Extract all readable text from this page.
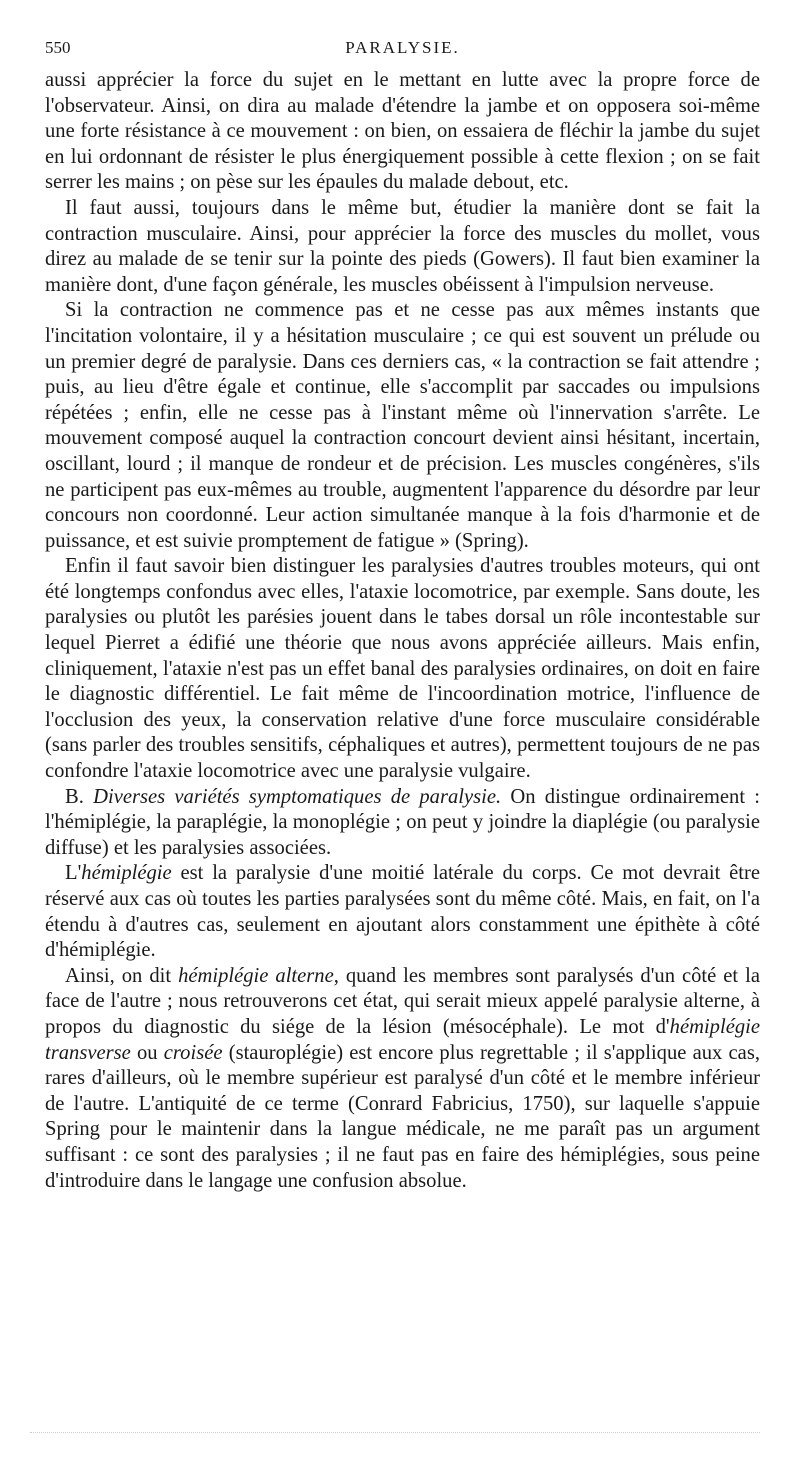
550	PARALYSIE.

aussi apprécier la force du sujet en le mettant en lutte avec la propre force de l'observateur. Ainsi, on dira au malade d'étendre la jambe et on opposera soi-même une forte résistance à ce mouvement : on bien, on essaiera de fléchir la jambe du sujet en lui ordonnant de résister le plus énergiquement possible à cette flexion ; on se fait serrer les mains ; on pèse sur les épaules du malade debout, etc.

Il faut aussi, toujours dans le même but, étudier la manière dont se fait la contraction musculaire. Ainsi, pour apprécier la force des muscles du mollet, vous direz au malade de se tenir sur la pointe des pieds (Gowers). Il faut bien examiner la manière dont, d'une façon générale, les muscles obéissent à l'impulsion nerveuse.

Si la contraction ne commence pas et ne cesse pas aux mêmes instants que l'incitation volontaire, il y a hésitation musculaire ; ce qui est souvent un prélude ou un premier degré de paralysie. Dans ces derniers cas, « la contraction se fait attendre ; puis, au lieu d'être égale et continue, elle s'accomplit par saccades ou impulsions répétées ; enfin, elle ne cesse pas à l'instant même où l'innervation s'arrête. Le mouvement composé auquel la contraction concourt devient ainsi hésitant, incertain, oscillant, lourd ; il manque de rondeur et de précision. Les muscles congénères, s'ils ne participent pas eux-mêmes au trouble, augmentent l'apparence du désordre par leur concours non coordonné. Leur action simultanée manque à la fois d'harmonie et de puissance, et est suivie promptement de fatigue » (Spring).

Enfin il faut savoir bien distinguer les paralysies d'autres troubles moteurs, qui ont été longtemps confondus avec elles, l'ataxie locomotrice, par exemple. Sans doute, les paralysies ou plutôt les parésies jouent dans le tabes dorsal un rôle incontestable sur lequel Pierret a édifié une théorie que nous avons appréciée ailleurs. Mais enfin, cliniquement, l'ataxie n'est pas un effet banal des paralysies ordinaires, on doit en faire le diagnostic différentiel. Le fait même de l'incoordination motrice, l'influence de l'occlusion des yeux, la conservation relative d'une force musculaire considérable (sans parler des troubles sensitifs, céphaliques et autres), permettent toujours de ne pas confondre l'ataxie locomotrice avec une paralysie vulgaire.

B. Diverses variétés symptomatiques de paralysie. On distingue ordinairement : l'hémiplégie, la paraplégie, la monoplégie ; on peut y joindre la diaplégie (ou paralysie diffuse) et les paralysies associées.

L'hémiplégie est la paralysie d'une moitié latérale du corps. Ce mot devrait être réservé aux cas où toutes les parties paralysées sont du même côté. Mais, en fait, on l'a étendu à d'autres cas, seulement en ajoutant alors constamment une épithète à côté d'hémiplégie.

Ainsi, on dit hémiplégie alterne, quand les membres sont paralysés d'un côté et la face de l'autre ; nous retrouverons cet état, qui serait mieux appelé paralysie alterne, à propos du diagnostic du siége de la lésion (mésocéphale). Le mot d'hémiplégie transverse ou croisée (stauroplégie) est encore plus regrettable ; il s'applique aux cas, rares d'ailleurs, où le membre supérieur est paralysé d'un côté et le membre inférieur de l'autre. L'antiquité de ce terme (Conrard Fabricius, 1750), sur laquelle s'appuie Spring pour le maintenir dans la langue médicale, ne me paraît pas un argument suffisant : ce sont des paralysies ; il ne faut pas en faire des hémiplégies, sous peine d'introduire dans le langage une confusion absolue.
